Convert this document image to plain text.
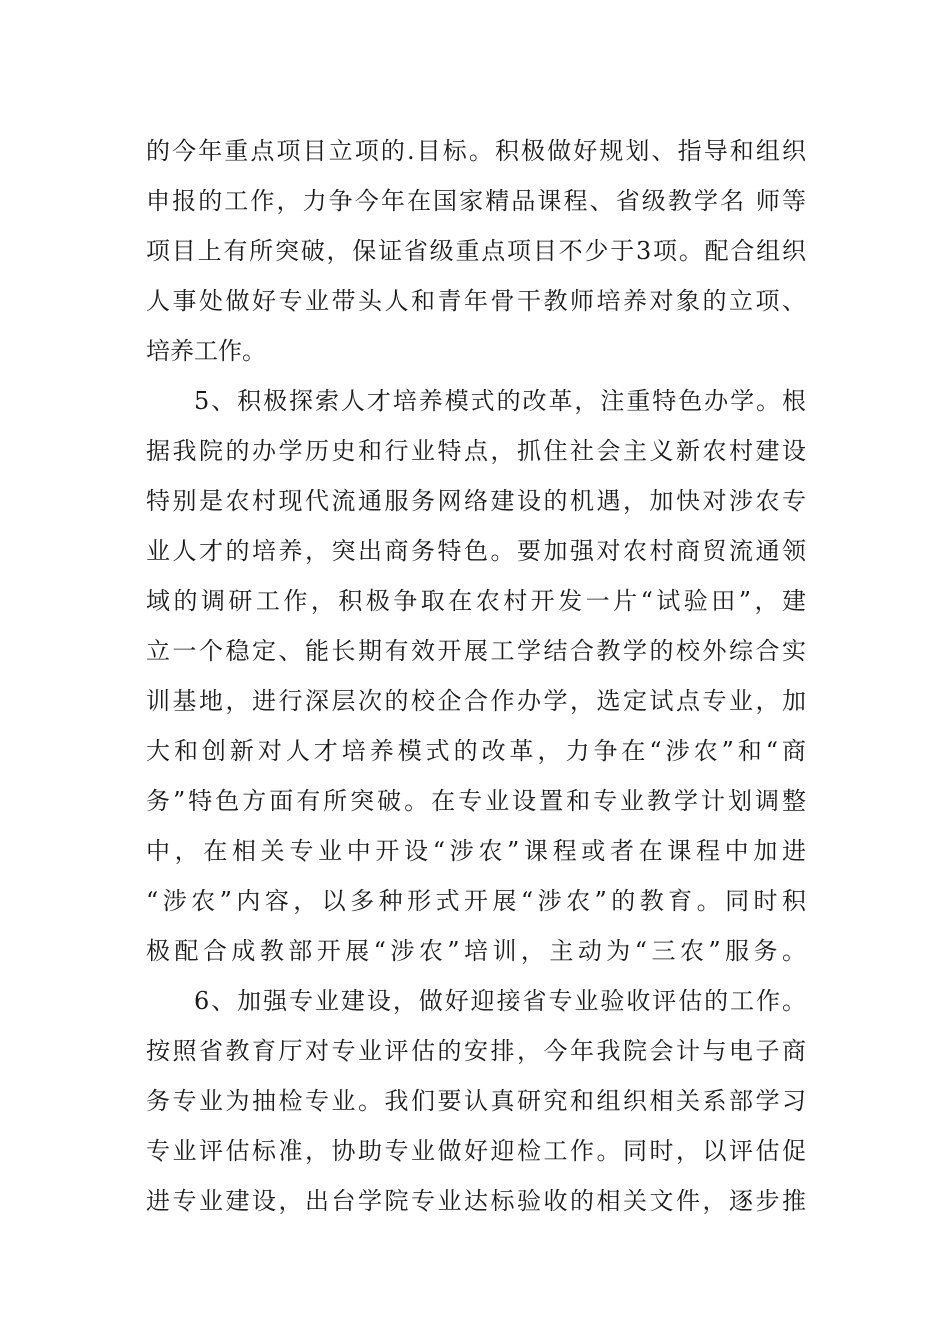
的今年重点项目立项的.目标。积极做好规划、指导和组织
申报的工作，力争今年在国家精品课程、省级教学名 师等
项目上有所突破，保证省级重点项目不少于3项。配合组织
人事处做好专业带头人和青年骨干教师培养对象的立项、
培养工作。
5、积极探索人才培养模式的改革，注重特色办学。根
据我院的办学历史和行业特点，抓住社会主义新农村建设
特别是农村现代流通服务网络建设的机遇，加快对涉农专
业人才的培养，突出商务特色。要加强对农村商贸流通领
域的调研工作，积极争取在农村开发一片“试验田”，建
立一个稳定、能长期有效开展工学结合教学的校外综合实
训基地，进行深层次的校企合作办学，选定试点专业，加
大和创新对人才培养模式的改革，力争在“涉农”和“商
务”特色方面有所突破。在专业设置和专业教学计划调整
中，在相关专业中开设“涉农”课程或者在课程中加进
“涉农”内容，以多种形式开展“涉农”的教育。同时积
极配合成教部开展“涉农”培训，主动为“三农”服务。
6、加强专业建设，做好迎接省专业验收评估的工作。
按照省教育厅对专业评估的安排，今年我院会计与电子商
务专业为抽检专业。我们要认真研究和组织相关系部学习
专业评估标准，协助专业做好迎检工作。同时，以评估促
进专业建设，出台学院专业达标验收的相关文件，逐步推
